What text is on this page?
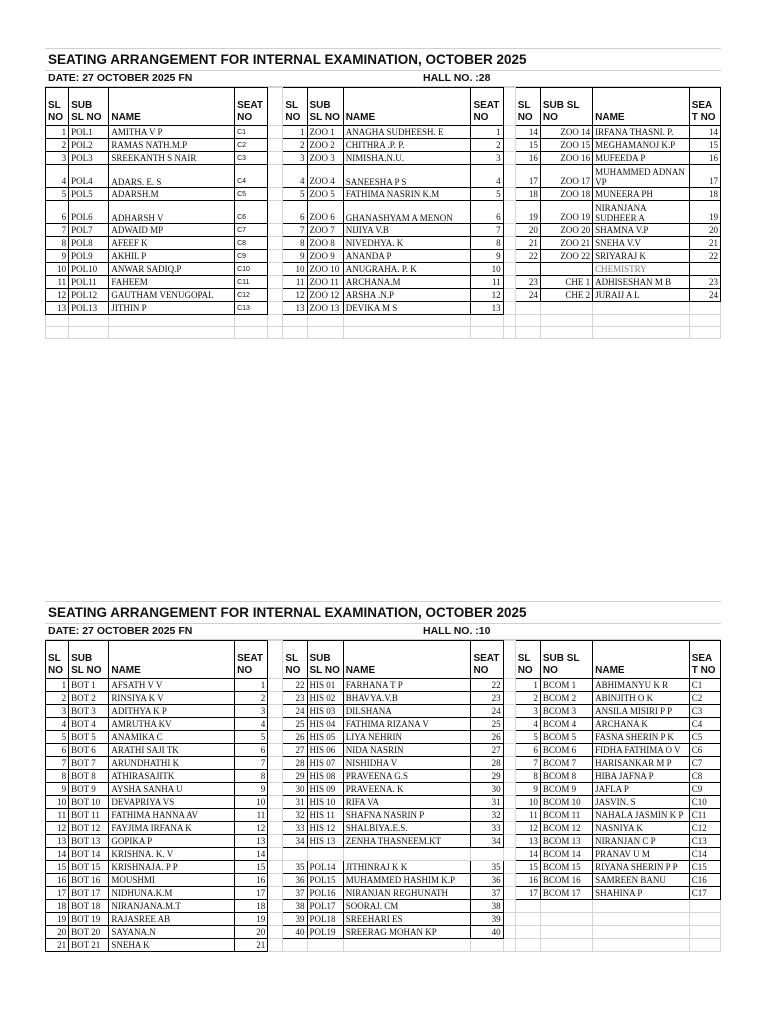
SEATING ARRANGEMENT FOR INTERNAL EXAMINATION, OCTOBER 2025
DATE: 27 OCTOBER 2025 FN	HALL NO. :28
SL NO	SUB SL NO	NAME	SEAT NO		SL NO	SUB SL NO	NAME	SEAT NO		SL NO	SUB SL NO	NAME	SEA T NO
1	POL1	AMITHA V P	C1		1	ZOO 1	ANAGHA SUDHEESH. E	1		14	ZOO 14	IRFANA THASNI. P.	14
2	POL2	RAMAS NATH.M.P	C2		2	ZOO 2	CHITHRA .P. P.	2		15	ZOO 15	MEGHAMANOJ K.P	15
3	POL3	SREEKANTH S NAIR	C3		3	ZOO 3	NIMISHA.N.U.	3		16	ZOO 16	MUFEEDA P	16
4	POL4	ADARS. E. S	C4		4	ZOO 4	SANEESHA P S	4		17	ZOO 17	MUHAMMED ADNAN VP	17
5	POL5	ADARSH.M	C5		5	ZOO 5	FATHIMA NASRIN K.M	5		18	ZOO 18	MUNEERA PH	18
6	POL6	ADHARSH V	C6		6	ZOO 6	GHANASHYAM A MENON	6		19	ZOO 19	NIRANJANA SUDHEER A	19
7	POL7	ADWAID MP	C7		7	ZOO 7	NIJIYA V.B	7		20	ZOO 20	SHAMNA V.P	20
8	POL8	AFEEF K	C8		8	ZOO 8	NIVEDHYA. K	8		21	ZOO 21	SNEHA V.V	21
9	POL9	AKHIL P	C9		9	ZOO 9	ANANDA P	9		22	ZOO 22	SRIYARAJ K	22
10	POL10	ANWAR SADIQ.P	C10		10	ZOO 10	ANUGRAHA. P. K	10				CHEMISTRY	
11	POL11	FAHEEM	C11		11	ZOO 11	ARCHANA.M	11		23	CHE 1	ADHISESHAN M B	23
12	POL12	GAUTHAM VENUGOPAL	C12		12	ZOO 12	ARSHA .N.P	12		24	CHE 2	JURAIJ A L	24
13	POL13	JITHIN P	C13		13	ZOO 13	DEVIKA M S	13					

SEATING ARRANGEMENT FOR INTERNAL EXAMINATION, OCTOBER 2025
DATE: 27 OCTOBER 2025 FN	HALL NO. :10
SL NO	SUB SL NO	NAME	SEAT NO		SL NO	SUB SL NO	NAME	SEAT NO		SL NO	SUB SL NO	NAME	SEA T NO
1	BOT 1	AFSATH V V	1		22	HIS 01	FARHANA T P	22		1	BCOM 1	ABHIMANYU K R	C1
2	BOT 2	RINSIYA K V	2		23	HIS 02	BHAVYA.V.B	23		2	BCOM 2	ABINJITH O K	C2
3	BOT 3	ADITHYA K P	3		24	HIS 03	DILSHANA	24		3	BCOM 3	ANSILA MISIRI P P	C3
4	BOT 4	AMRUTHA KV	4		25	HIS 04	FATHIMA RIZANA V	25		4	BCOM 4	ARCHANA K	C4
5	BOT 5	ANAMIKA C	5		26	HIS 05	LIYA NEHRIN	26		5	BCOM 5	FASNA SHERIN P K	C5
6	BOT 6	ARATHI SAJI TK	6		27	HIS 06	NIDA NASRIN	27		6	BCOM 6	FIDHA FATHIMA O V	C6
7	BOT 7	ARUNDHATHI K	7		28	HIS 07	NISHIDHA V	28		7	BCOM 7	HARISANKAR M P	C7
8	BOT 8	ATHIRASAJITK	8		29	HIS 08	PRAVEENA G.S	29		8	BCOM 8	HIBA JAFNA P	C8
9	BOT 9	AYSHA SANHA U	9		30	HIS 09	PRAVEENA. K	30		9	BCOM 9	JAFLA P	C9
10	BOT 10	DEVAPRIYA VS	10		31	HIS 10	RIFA VA	31		10	BCOM 10	JASVIN. S	C10
11	BOT 11	FATHIMA HANNA AV	11		32	HIS 11	SHAFNA NASRIN P	32		11	BCOM 11	NAHALA JASMIN K P	C11
12	BOT 12	FAYJIMA IRFANA K	12		33	HIS 12	SHALBIYA.E.S.	33		12	BCOM 12	NASNIYA K	C12
13	BOT 13	GOPIKA P	13		34	HIS 13	ZENHA THASNEEM.KT	34		13	BCOM 13	NIRANJAN C P	C13
14	BOT 14	KRISHNA. K. V	14							14	BCOM 14	PRANAV U M	C14
15	BOT 15	KRISHNAJA. P P	15		35	POL14	JITHINRAJ K K	35		15	BCOM 15	RIYANA SHERIN P P	C15
16	BOT 16	MOUSHMI	16		36	POL15	MUHAMMED HASHIM K.P	36		16	BCOM 16	SAMREEN BANU	C16
17	BOT 17	NIDHUNA.K.M	17		37	POL16	NIRANJAN REGHUNATH	37		17	BCOM 17	SHAHINA P	C17
18	BOT 18	NIRANJANA.M.T	18		38	POL17	SOORAJ. CM	38					
19	BOT 19	RAJASREE AB	19		39	POL18	SREEHARI ES	39					
20	BOT 20	SAYANA.N	20		40	POL19	SREERAG MOHAN KP	40					
21	BOT 21	SNEHA K	21										
